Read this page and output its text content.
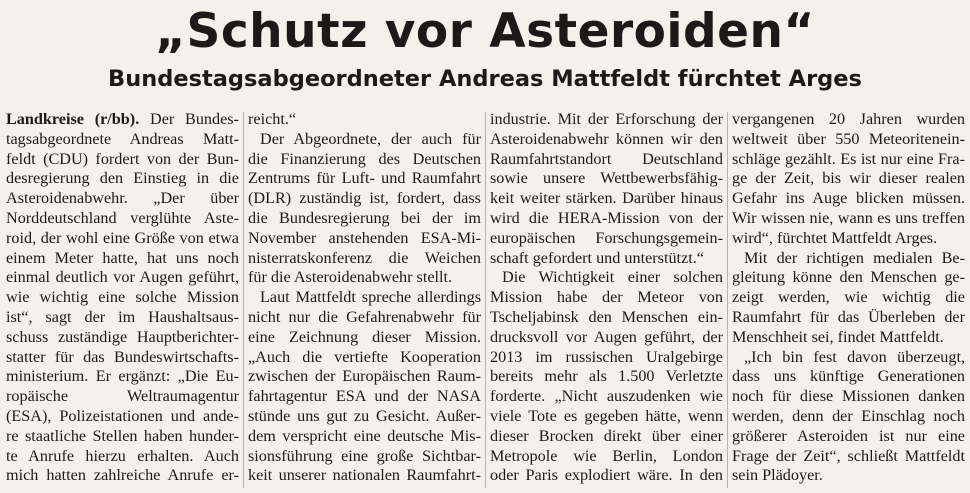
„Schutz vor Asteroiden“
Bundestagsabgeordneter Andreas Mattfeldt fürchtet Arges
Landkreise (r/bb). Der Bundes-
tagsabgeordnete Andreas Matt-
feldt (CDU) fordert von der Bun-
desregierung den Einstieg in die
Asteroidenabwehr. „Der über
Norddeutschland verglühte Aste-
roid, der wohl eine Größe von etwa
einem Meter hatte, hat uns noch
einmal deutlich vor Augen geführt,
wie wichtig eine solche Mission
ist“, sagt der im Haushaltsaus-
schuss zuständige Hauptberichter-
statter für das Bundeswirtschafts-
ministerium. Er ergänzt: „Die Eu-
ropäische Weltraumagentur
(ESA), Polizeistationen und ande-
re staatliche Stellen haben hunder-
te Anrufe hierzu erhalten. Auch
mich hatten zahlreiche Anrufe er-
reicht.“
Der Abgeordnete, der auch für
die Finanzierung des Deutschen
Zentrums für Luft- und Raumfahrt
(DLR) zuständig ist, fordert, dass
die Bundesregierung bei der im
November anstehenden ESA-Mi-
nisterratskonferenz die Weichen
für die Asteroidenabwehr stellt.
Laut Mattfeldt spreche allerdings
nicht nur die Gefahrenabwehr für
eine Zeichnung dieser Mission.
„Auch die vertiefte Kooperation
zwischen der Europäischen Raum-
fahrtagentur ESA und der NASA
stünde uns gut zu Gesicht. Außer-
dem verspricht eine deutsche Mis-
sionsführung eine große Sichtbar-
keit unserer nationalen Raumfahrt-
industrie. Mit der Erforschung der
Asteroidenabwehr können wir den
Raumfahrtstandort Deutschland
sowie unsere Wettbewerbsfähig-
keit weiter stärken. Darüber hinaus
wird die HERA-Mission von der
europäischen Forschungsgemein-
schaft gefordert und unterstützt.“
Die Wichtigkeit einer solchen
Mission habe der Meteor von
Tscheljabinsk den Menschen ein-
drucksvoll vor Augen geführt, der
2013 im russischen Uralgebirge
bereits mehr als 1.500 Verletzte
forderte. „Nicht auszudenken wie
viele Tote es gegeben hätte, wenn
dieser Brocken direkt über einer
Metropole wie Berlin, London
oder Paris explodiert wäre. In den
vergangenen 20 Jahren wurden
weltweit über 550 Meteoritenein-
schläge gezählt. Es ist nur eine Fra-
ge der Zeit, bis wir dieser realen
Gefahr ins Auge blicken müssen.
Wir wissen nie, wann es uns treffen
wird“, fürchtet Mattfeldt Arges.
Mit der richtigen medialen Be-
gleitung könne den Menschen ge-
zeigt werden, wie wichtig die
Raumfahrt für das Überleben der
Menschheit sei, findet Mattfeldt.
„Ich bin fest davon überzeugt,
dass uns künftige Generationen
noch für diese Missionen danken
werden, denn der Einschlag noch
größerer Asteroiden ist nur eine
Frage der Zeit“, schließt Mattfeldt
sein Plädoyer.
